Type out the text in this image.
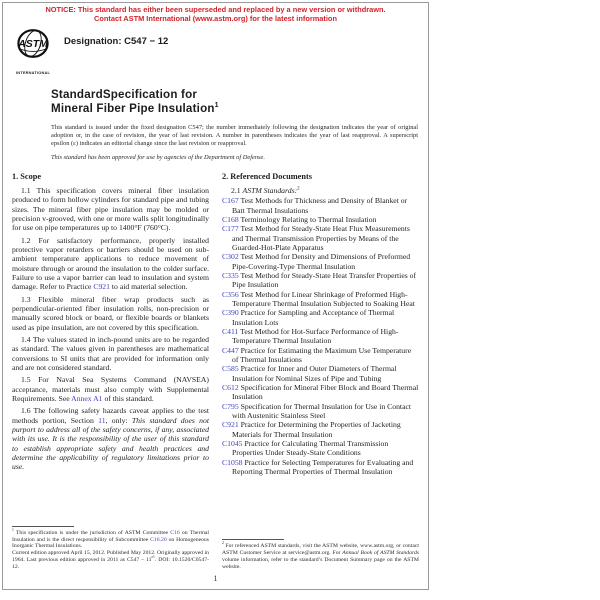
NOTICE: This standard has either been superseded and replaced by a new version or withdrawn.
Contact ASTM International (www.astm.org) for the latest information
ASTM
INTERNATIONAL
Designation: C547 − 12
StandardSpecification for
Mineral Fiber Pipe Insulation$^1$
This standard is issued under the fixed designation C547; the number immediately following the designation indicates the year of original adoption or, in the case of revision, the year of last revision. A number in parentheses indicates the year of last reapproval. A superscript epsilon (ε) indicates an editorial change since the last revision or reapproval.
This standard has been approved for use by agencies of the Department of Defense.
1. Scope

1.1 This specification covers mineral fiber insulation produced to form hollow cylinders for standard pipe and tubing sizes. The mineral fiber pipe insulation may be molded or precision v-grooved, with one or more walls split longitudinally for use on pipe temperatures up to 1400°F (760°C).

1.2 For satisfactory performance, properly installed protective vapor retarders or barriers should be used on sub-ambient temperature applications to reduce movement of moisture through or around the insulation to the colder surface. Failure to use a vapor barrier can lead to insulation and system damage. Refer to Practice C921 to aid material selection.

1.3 Flexible mineral fiber wrap products such as perpendicular-oriented fiber insulation rolls, non-precision or manually scored block or board, or flexible boards or blankets used as pipe insulation, are not covered by this specification.

1.4 The values stated in inch-pound units are to be regarded as standard. The values given in parentheses are mathematical conversions to SI units that are provided for information only and are not considered standard.

1.5 For Naval Sea Systems Command (NAVSEA) acceptance, materials must also comply with Supplemental Requirements. See Annex A1 of this standard.

1.6 The following safety hazards caveat applies to the test methods portion, Section 11, only: This standard does not purport to address all of the safety concerns, if any, associated with its use. It is the responsibility of the user of this standard to establish appropriate safety and health practices and determine the applicability of regulatory limitations prior to use.

$^1$ This specification is under the jurisdiction of ASTM Committee C16 on Thermal Insulation and is the direct responsibility of Subcommittee C16.20 on Homogeneous Inorganic Thermal Insulations.

Current edition approved April 15, 2012. Published May 2012. Originally approved in 1964. Last previous edition approved in 2011 as $C547 - 11^{\varepsilon 1}$. DOI: 10.1520/C0547-12.

2. Referenced Documents

2.1 ASTM Standards:$^2$

C167 Test Methods for Thickness and Density of Blanket or Batt Thermal Insulations

C168 Terminology Relating to Thermal Insulation

C177 Test Method for Steady-State Heat Flux Measurements and Thermal Transmission Properties by Means of the Guarded-Hot-Plate Apparatus

C302 Test Method for Density and Dimensions of Preformed Pipe-Covering-Type Thermal Insulation

C335 Test Method for Steady-State Heat Transfer Properties of Pipe Insulation

C356 Test Method for Linear Shrinkage of Preformed High-Temperature Thermal Insulation Subjected to Soaking Heat

C390 Practice for Sampling and Acceptance of Thermal Insulation Lots

C411 Test Method for Hot-Surface Performance of High-Temperature Thermal Insulation

C447 Practice for Estimating the Maximum Use Temperature of Thermal Insulations

C585 Practice for Inner and Outer Diameters of Thermal Insulation for Nominal Sizes of Pipe and Tubing

C612 Specification for Mineral Fiber Block and Board Thermal Insulation

C795 Specification for Thermal Insulation for Use in Contact with Austenitic Stainless Steel

C921 Practice for Determining the Properties of Jacketing Materials for Thermal Insulation

C1045 Practice for Calculating Thermal Transmission Properties Under Steady-State Conditions

C1058 Practice for Selecting Temperatures for Evaluating and Reporting Thermal Properties of Thermal Insulation

$^2$ For referenced ASTM standards, visit the ASTM website, www.astm.org, or contact ASTM Customer Service at service@astm.org. For Annual Book of ASTM Standards volume information, refer to the standard’s Document Summary page on the ASTM website.

1
